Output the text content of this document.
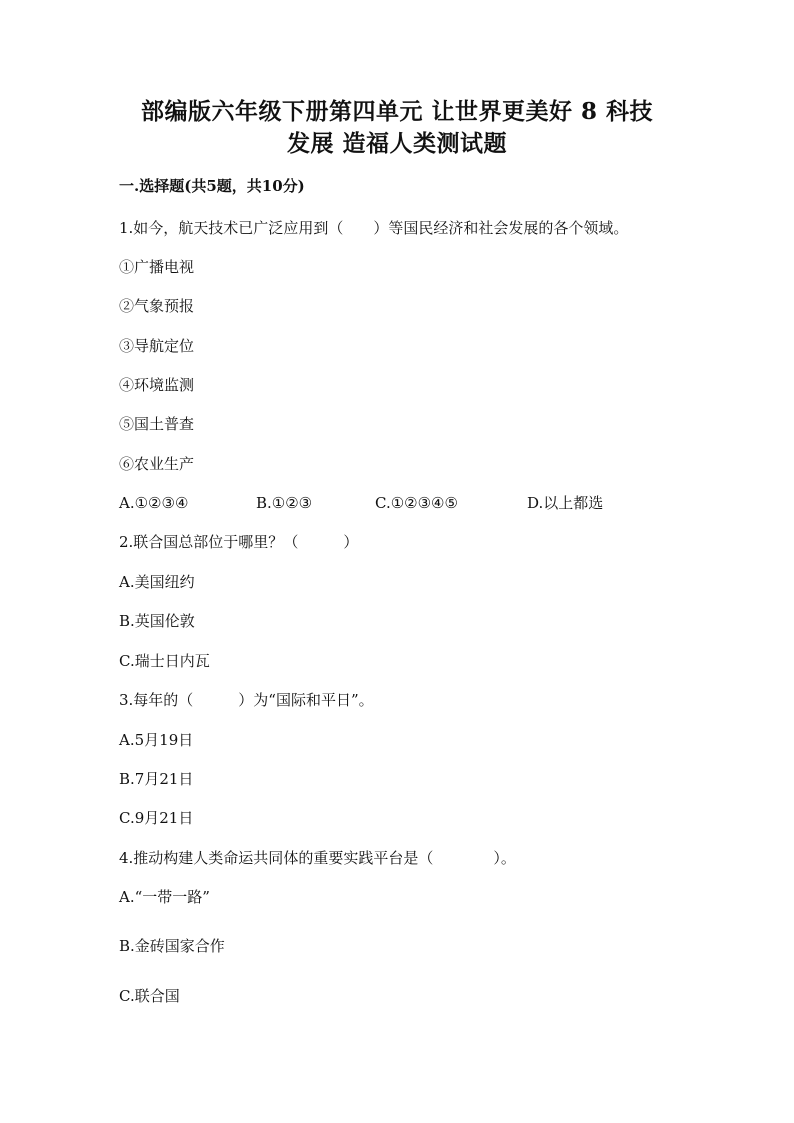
部编版六年级下册第四单元 让世界更美好 8 科技
发展 造福人类测试题
一.选择题(共5题，共10分)
1.如今，航天技术已广泛应用到（　　）等国民经济和社会发展的各个领域。
①广播电视
②气象预报
③导航定位
④环境监测
⑤国土普查
⑥农业生产
A.①②③④	B.①②③	C.①②③④⑤	D.以上都选
2.联合国总部位于哪里？（　　　）
A.美国纽约
B.英国伦敦
C.瑞士日内瓦
3.每年的（　　　）为“国际和平日”。
A.5月19日
B.7月21日
C.9月21日
4.推动构建人类命运共同体的重要实践平台是（　　　　）。
A.“一带一路”
B.金砖国家合作
C.联合国
